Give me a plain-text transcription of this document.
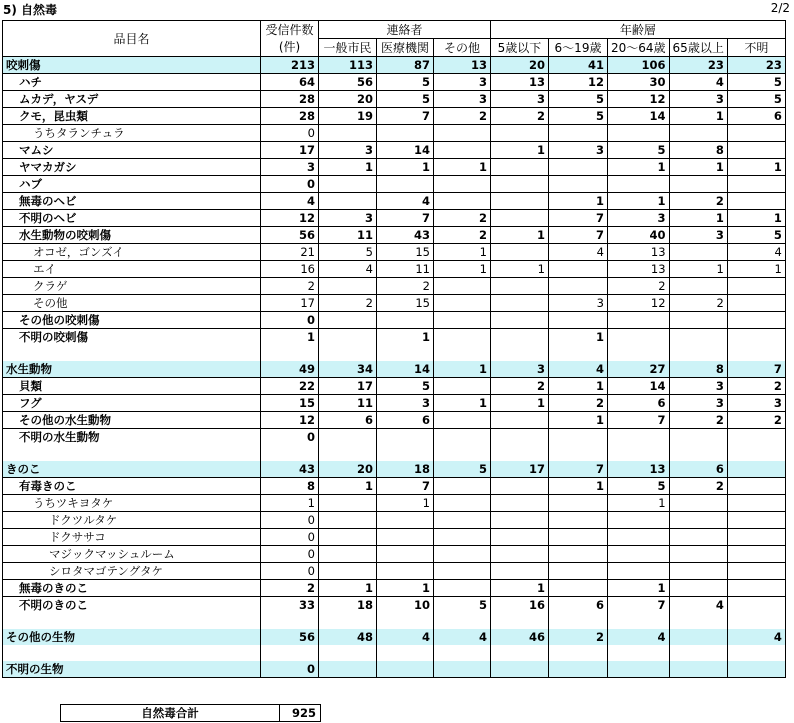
5) 自然毒	2/2
品目名	受信件数	連絡者			年齢層				
	(件)	一般市民	医療機関	その他	5歳以下	6～19歳	20～64歳	65歳以上	不明
咬刺傷	213	113	87	13	20	41	106	23	23
ハチ	64	56	5	3	13	12	30	4	5
ムカデ，ヤスデ	28	20	5	3	3	5	12	3	5
クモ，昆虫類	28	19	7	2	2	5	14	1	6
うちタランチュラ	0								
マムシ	17	3	14		1	3	5	8	
ヤマカガシ	3	1	1	1			1	1	1
ハブ	0								
無毒のヘビ	4		4			1	1	2	
不明のヘビ	12	3	7	2		7	3	1	1
水生動物の咬刺傷	56	11	43	2	1	7	40	3	5
オコゼ，ゴンズイ	21	5	15	1		4	13		4
エイ	16	4	11	1	1		13	1	1
クラゲ	2		2				2		
その他	17	2	15			3	12	2	
その他の咬刺傷	0								
不明の咬刺傷	1		1			1			

水生動物	49	34	14	1	3	4	27	8	7
貝類	22	17	5		2	1	14	3	2
フグ	15	11	3	1	1	2	6	3	3
その他の水生動物	12	6	6			1	7	2	2
不明の水生動物	0								

きのこ	43	20	18	5	17	7	13	6	
有毒きのこ	8	1	7			1	5	2	
うちツキヨタケ	1		1				1		
ドクツルタケ	0								
ドクササコ	0								
マジックマッシュルーム	0								
シロタマゴテングタケ	0								
無毒のきのこ	2	1	1		1		1		
不明のきのこ	33	18	10	5	16	6	7	4	

その他の生物	56	48	4	4	46	2	4		4

不明の生物	0								
自然毒合計	925
